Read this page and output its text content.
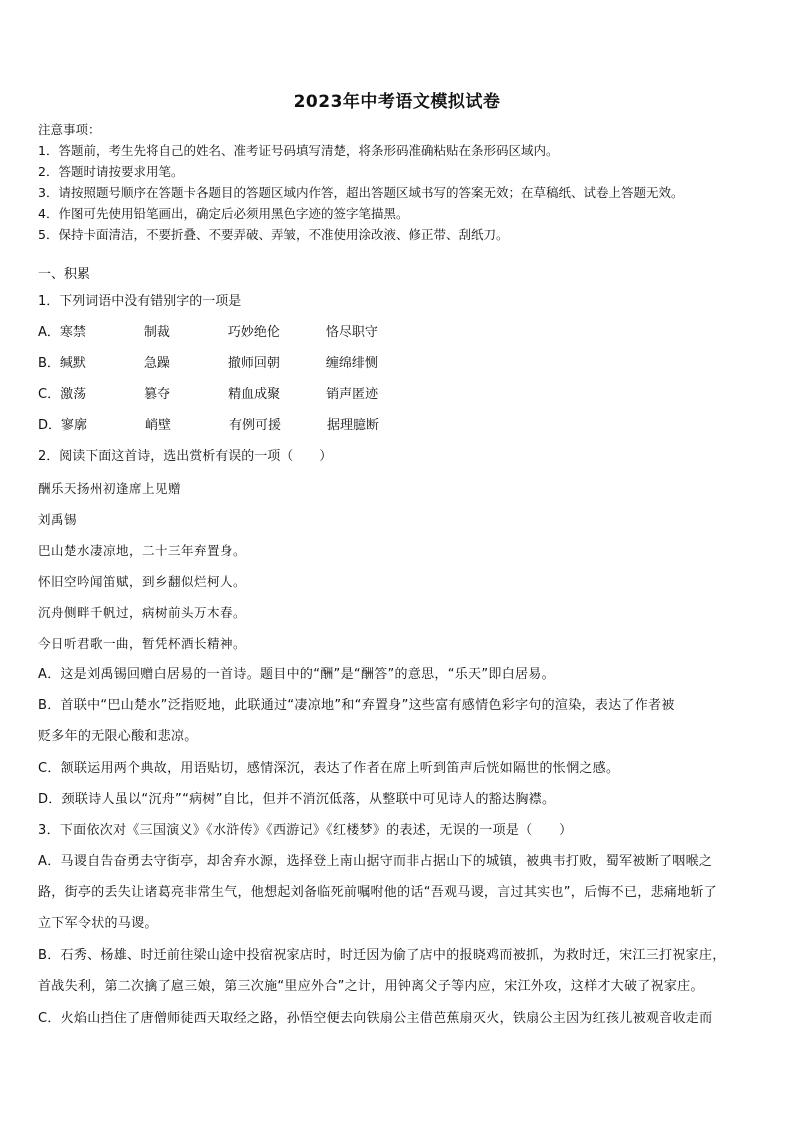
2023年中考语文模拟试卷
注意事项：
1．答题前，考生先将自己的姓名、准考证号码填写清楚，将条形码准确粘贴在条形码区域内。
2．答题时请按要求用笔。
3．请按照题号顺序在答题卡各题目的答题区域内作答，超出答题区域书写的答案无效；在草稿纸、试卷上答题无效。
4．作图可先使用铅笔画出，确定后必须用黑色字迹的签字笔描黑。
5．保持卡面清洁，不要折叠、不要弄破、弄皱，不准使用涂改液、修正带、刮纸刀。
一、积累
1．下列词语中没有错别字的一项是
A．寒禁	制裁	巧妙绝伦	恪尽职守
B．缄默	急躁	撤师回朝	缠绵绯恻
C．激荡	篡夺	精血成聚	销声匿迹
D．寥廓	峭壁	有例可援	据理臆断
2．阅读下面这首诗，选出赏析有误的一项（　　）
酬乐天扬州初逢席上见赠
刘禹锡
巴山楚水凄凉地，二十三年弃置身。
怀旧空吟闻笛赋，到乡翻似烂柯人。
沉舟侧畔千帆过，病树前头万木春。
今日听君歌一曲，暂凭杯酒长精神。
A．这是刘禹锡回赠白居易的一首诗。题目中的“酬”是“酬答”的意思，“乐天”即白居易。
B．首联中“巴山楚水”泛指贬地，此联通过“凄凉地”和“弃置身”这些富有感情色彩字句的渲染，表达了作者被
贬多年的无限心酸和悲凉。
C．颔联运用两个典故，用语贴切，感情深沉，表达了作者在席上听到笛声后恍如隔世的怅惘之感。
D．颈联诗人虽以“沉舟”“病树”自比，但并不消沉低落，从整联中可见诗人的豁达胸襟。
3．下面依次对《三国演义》《水浒传》《西游记》《红楼梦》的表述，无误的一项是（　　）
A．马谡自告奋勇去守街亭，却舍弃水源，选择登上南山据守而非占据山下的城镇，被典韦打败，蜀军被断了咽喉之
路，街亭的丢失让诸葛亮非常生气，他想起刘备临死前嘱咐他的话“吾观马谡，言过其实也”，后悔不已，悲痛地斩了
立下军令状的马谡。
B．石秀、杨雄、时迁前往梁山途中投宿祝家店时，时迁因为偷了店中的报晓鸡而被抓，为救时迁，宋江三打祝家庄，
首战失利，第二次擒了扈三娘，第三次施“里应外合”之计，用钟离父子等内应，宋江外攻，这样才大破了祝家庄。
C．火焰山挡住了唐僧师徒西天取经之路，孙悟空便去向铁扇公主借芭蕉扇灭火，铁扇公主因为红孩儿被观音收走而
